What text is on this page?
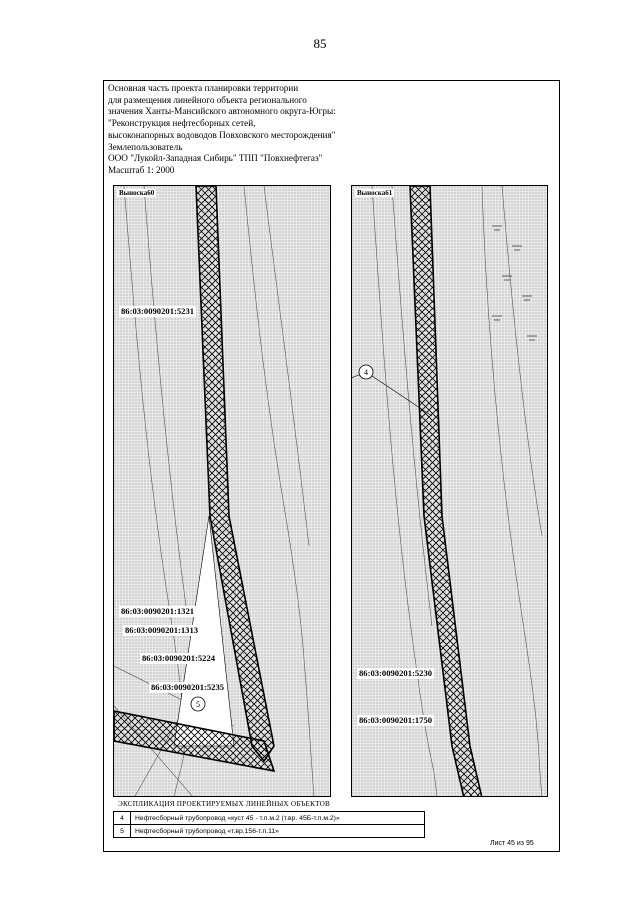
85
Основная часть проекта планировки территории
для размещения линейного объекта регионального
значения Ханты-Мансийского автономного округа-Югры:
"Реконструкция нефтесборных сетей,
высоконапорных водоводов Повховского месторождения"
Землепользователь
ООО "Лукойл-Западная Сибирь" ТПП "Повхнефтегаз"
Масштаб 1: 2000
5
Выноска60
86:03:0090201:5231
86:03:0090201:1321
86:03:0090201:1313
86:03:0090201:5224
86:03:0090201:5235
4
Выноска61
86:03:0090201:5230
86:03:0090201:1750
ЭКСПЛИКАЦИЯ ПРОЕКТИРУЕМЫХ ЛИНЕЙНЫХ ОБЪЕКТОВ
4	Нефтесборный трубопровод «куст 45 - т.п.м.2 (т.вр. 45Б-т.п.м.2)»
5	Нефтесборный трубопровод «т.вр.156-т.п.11»
Лист 45 из 95
